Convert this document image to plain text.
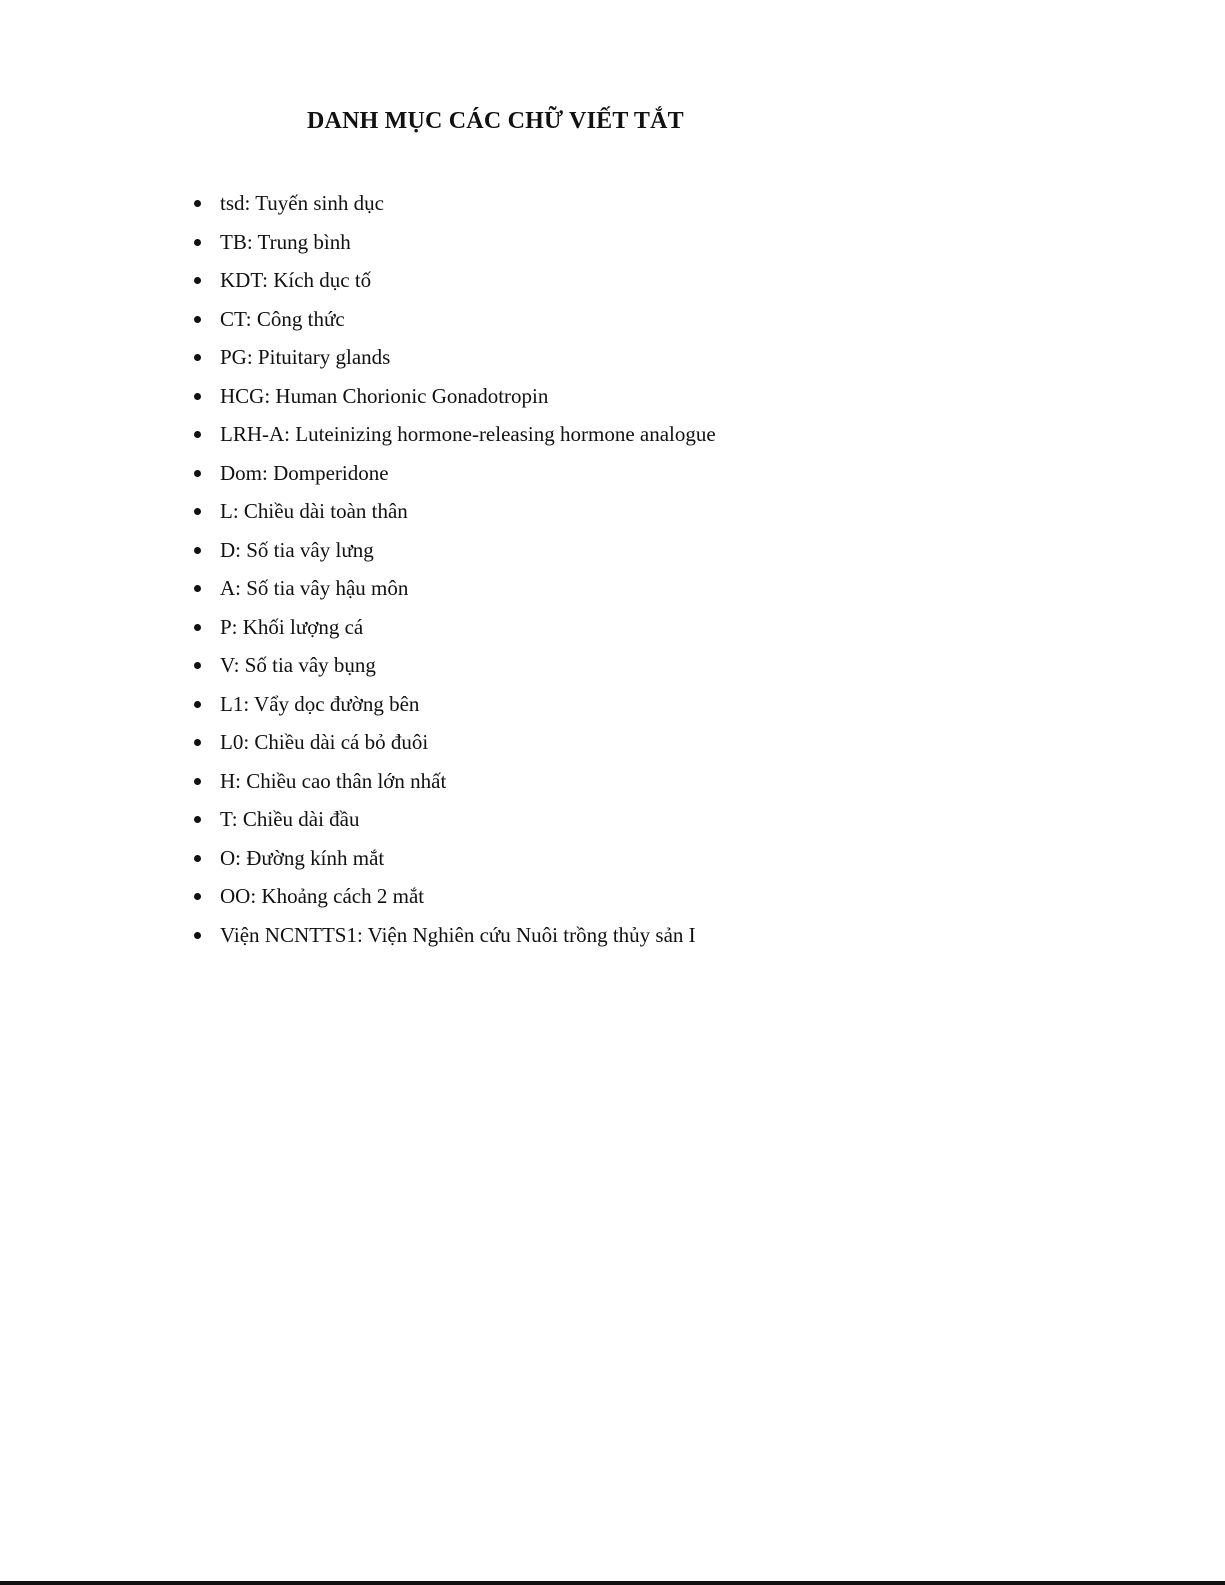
DANH MỤC CÁC CHỮ VIẾT TẮT
tsd: Tuyến sinh dục
TB: Trung bình
KDT: Kích dục tố
CT: Công thức
PG: Pituitary glands
HCG: Human Chorionic Gonadotropin
LRH-A: Luteinizing hormone-releasing hormone analogue
Dom: Domperidone
L: Chiều dài toàn thân
D: Số tia vây lưng
A: Số tia vây hậu môn
P: Khối lượng cá
V: Số tia vây bụng
L1: Vẩy dọc đường bên
L0: Chiều dài cá bỏ đuôi
H: Chiều cao thân lớn nhất
T: Chiều dài đầu
O: Đường kính mắt
OO: Khoảng cách 2 mắt
Viện NCNTTS1: Viện Nghiên cứu Nuôi trồng thủy sản I
